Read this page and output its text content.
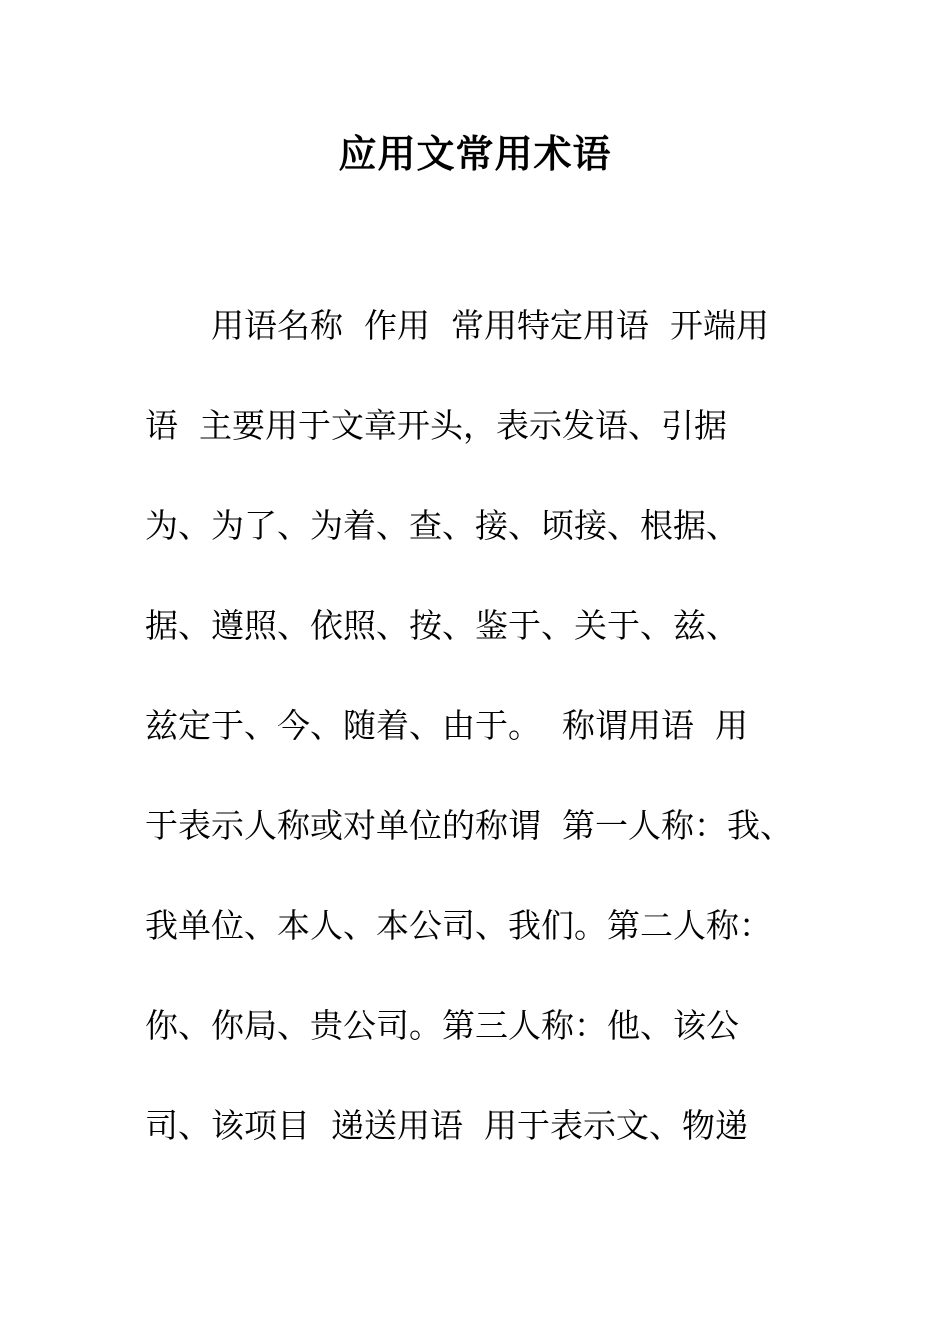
应用文常用术语
　　用语名称  作用  常用特定用语  开端用
语  主要用于文章开头，表示发语、引据
为、为了、为着、查、接、顷接、根据、
据、遵照、依照、按、鉴于、关于、兹、
兹定于、今、随着、由于。  称谓用语  用
于表示人称或对单位的称谓  第一人称：我、
我单位、本人、本公司、我们。第二人称：
你、你局、贵公司。第三人称：他、该公
司、该项目  递送用语  用于表示文、物递
